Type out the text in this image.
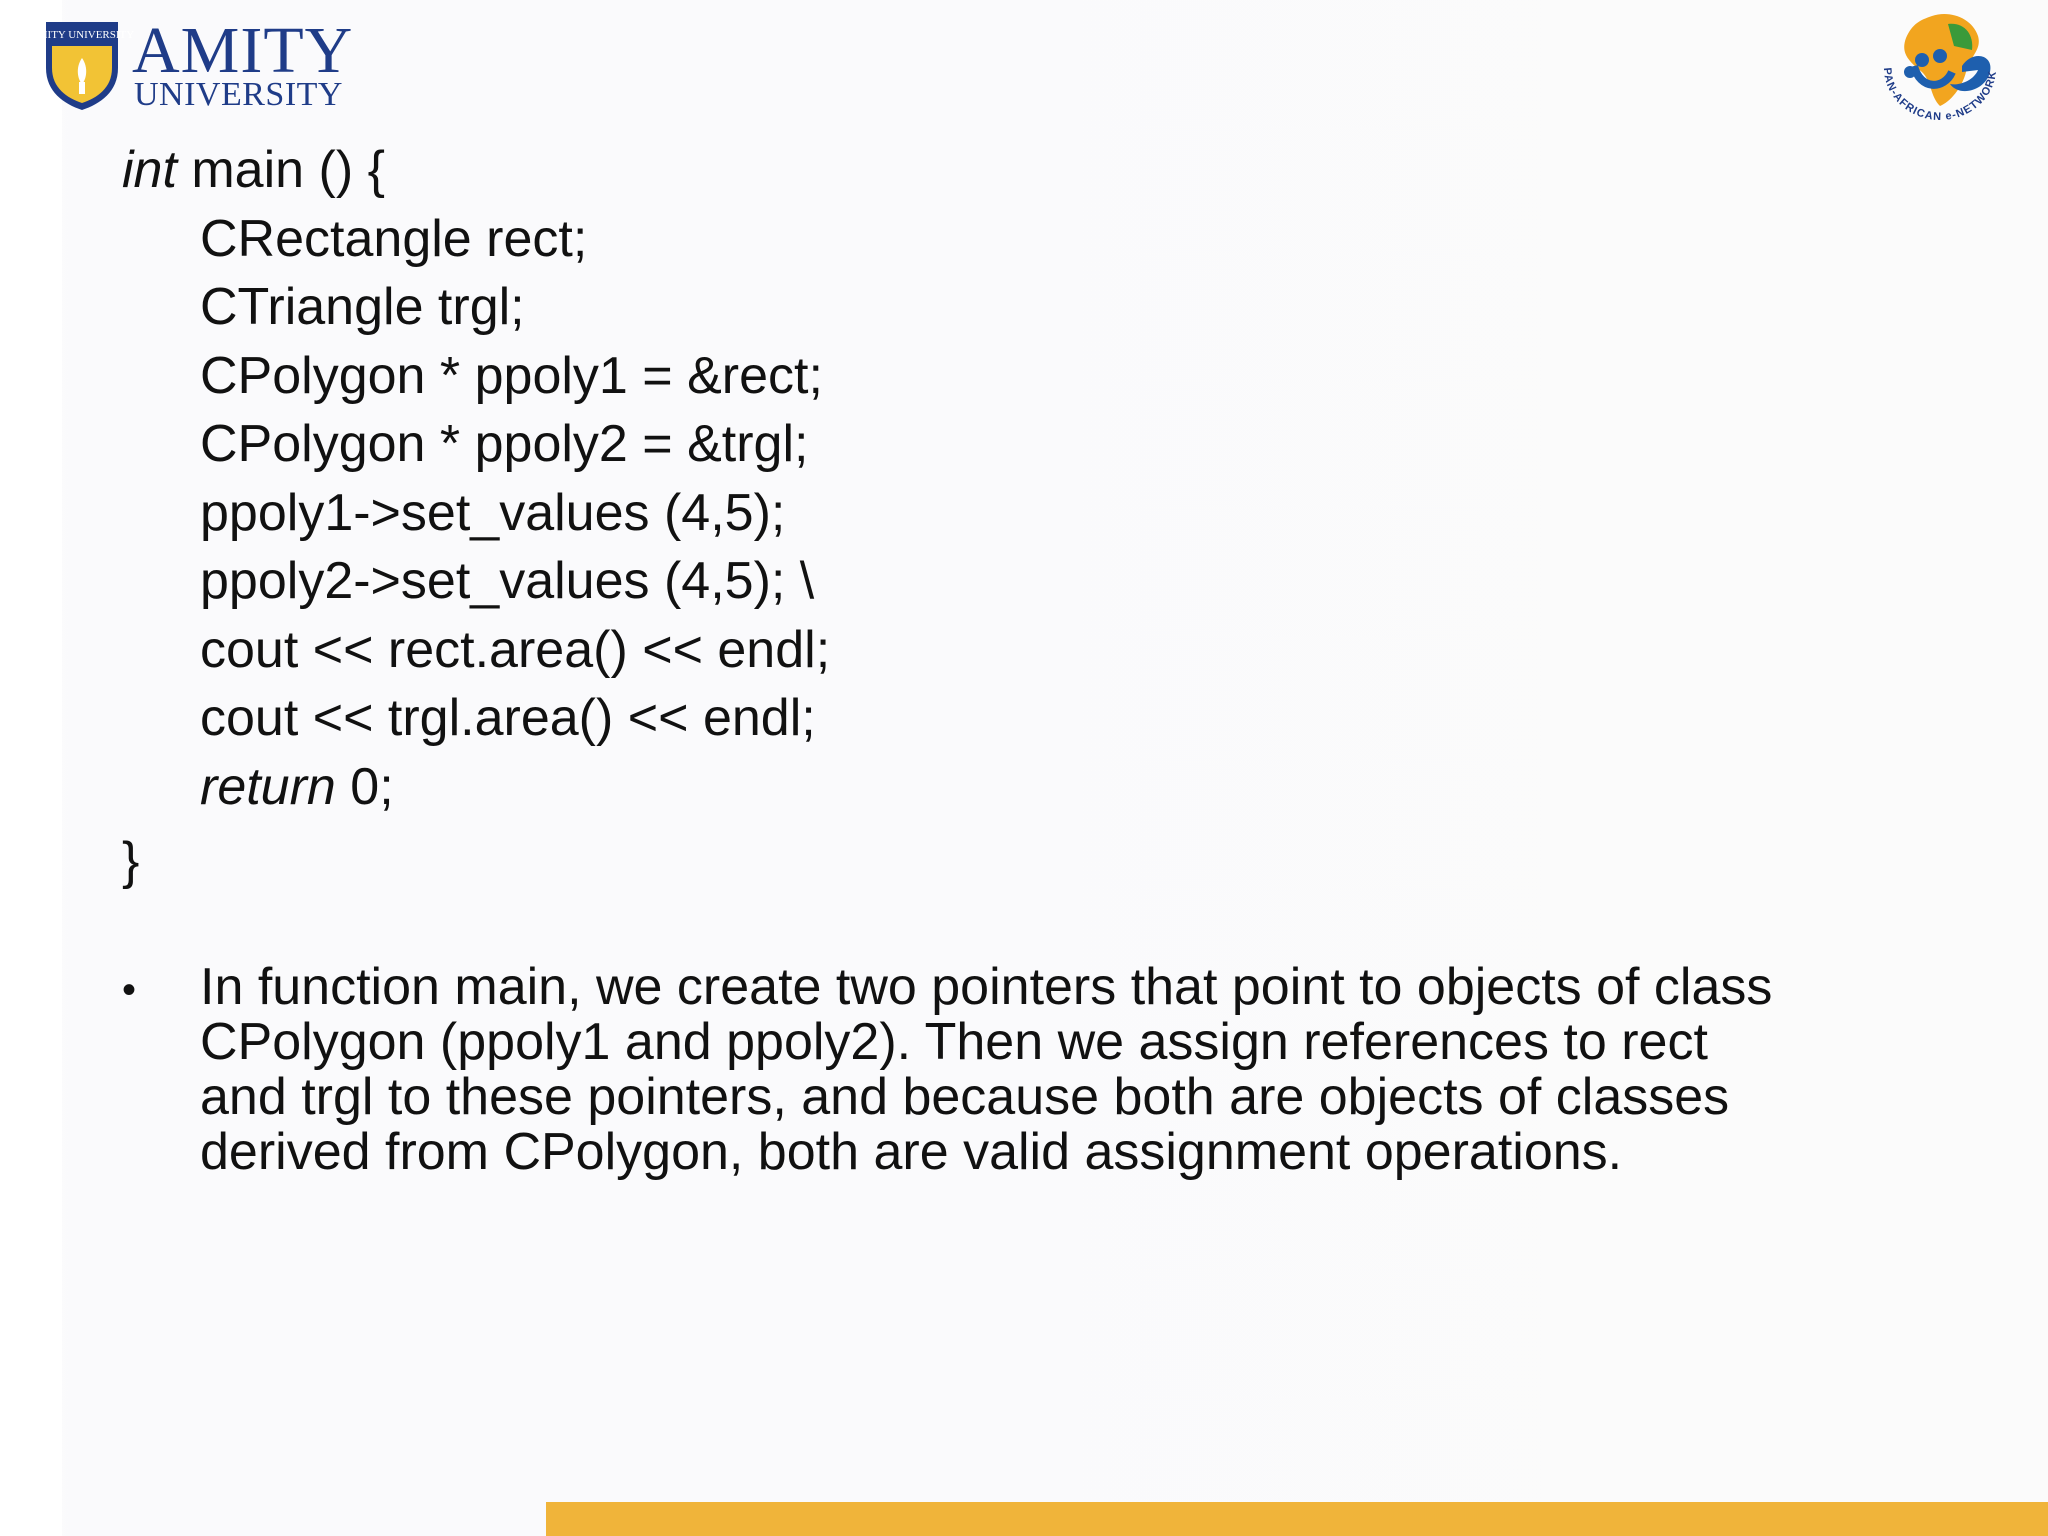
AMITY UNIVERSITY
AMITY
UNIVERSITY
PAN-AFRICAN e-NETWORK
int main () {
CRectangle rect;
CTriangle trgl;
CPolygon * ppoly1 = &rect;
CPolygon * ppoly2 = &trgl;
ppoly1->set_values (4,5);
ppoly2->set_values (4,5); \
cout << rect.area() << endl;
cout << trgl.area() << endl;
return 0;
}
• In function main, we create two pointers that point to objects of class
CPolygon (ppoly1 and ppoly2). Then we assign references to rect
and trgl to these pointers, and because both are objects of classes
derived from CPolygon, both are valid assignment operations.
